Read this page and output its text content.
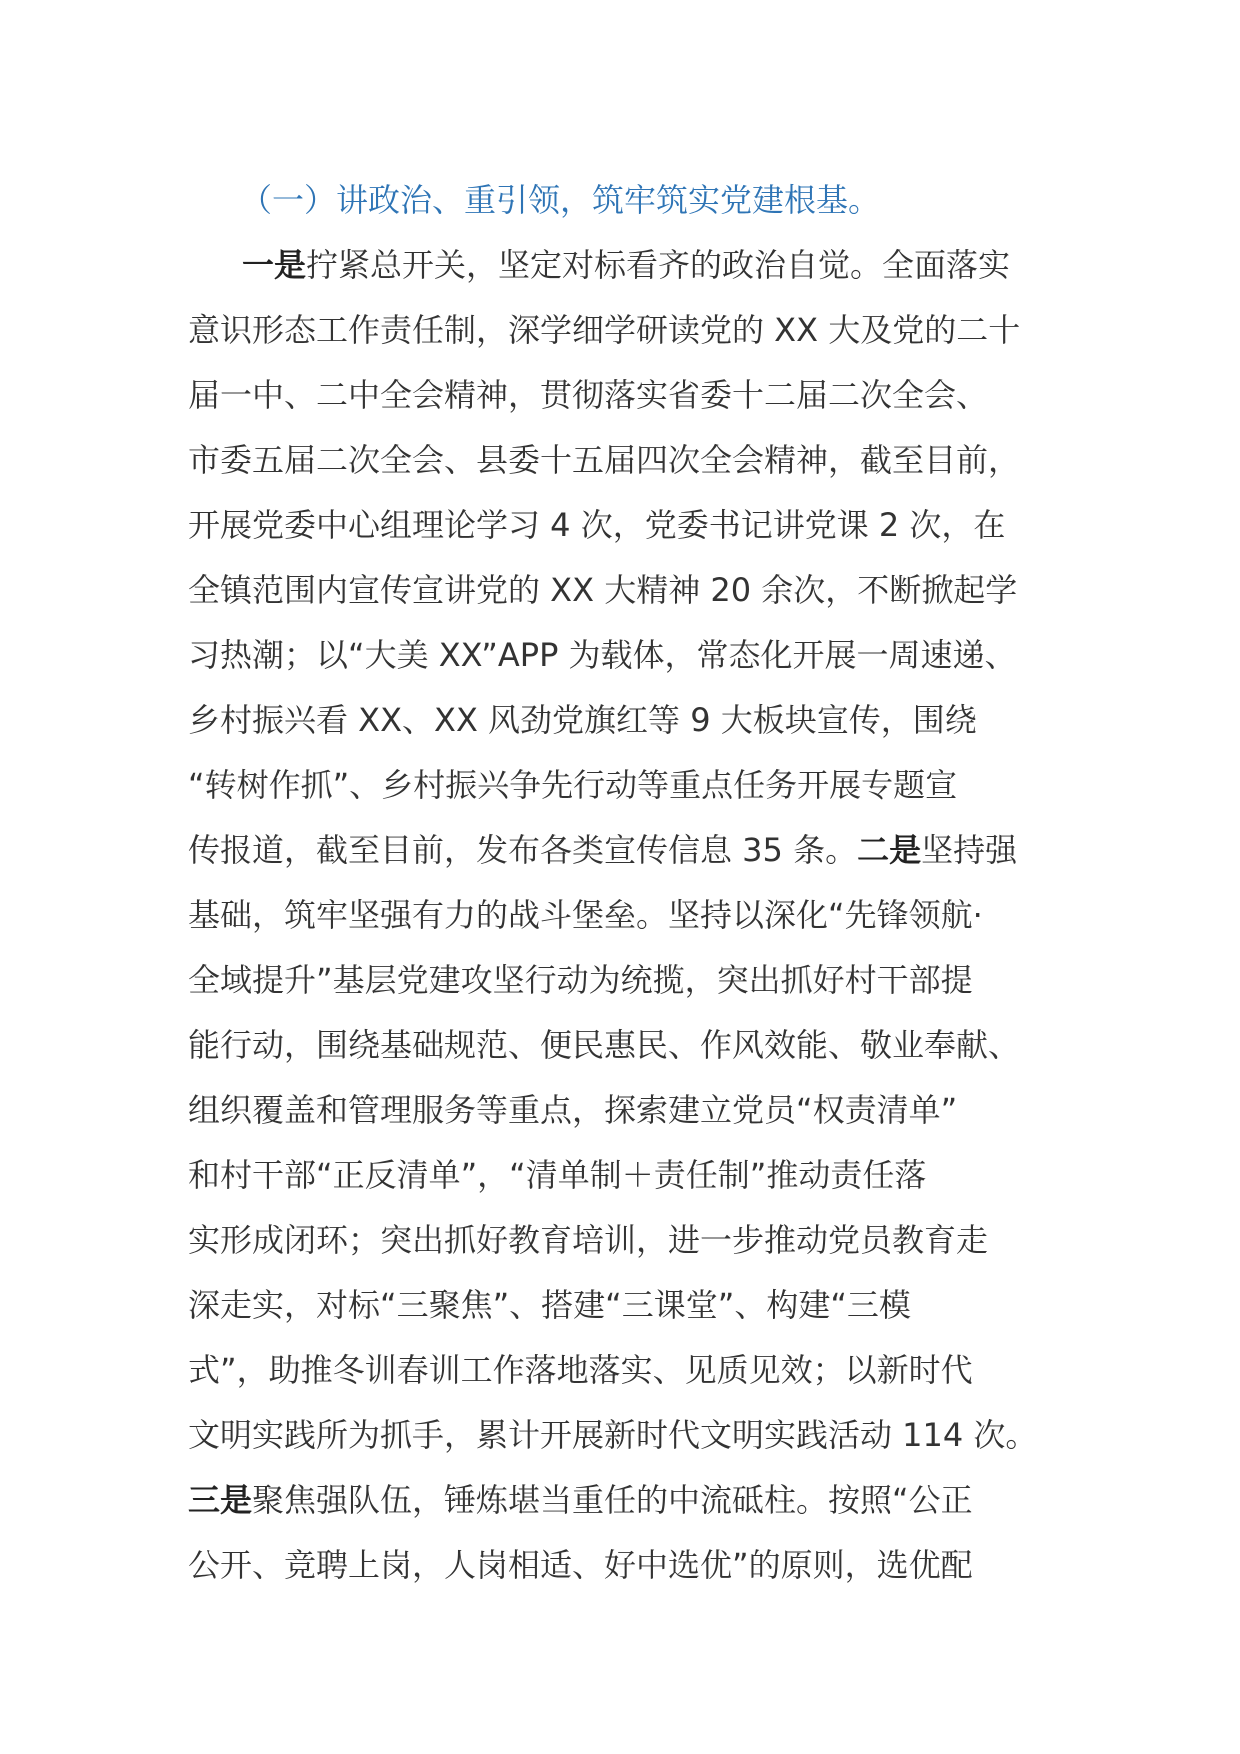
（一）讲政治、重引领，筑牢筑实党建根基。
一是拧紧总开关，坚定对标看齐的政治自觉。全面落实
意识形态工作责任制，深学细学研读党的 XX 大及党的二十
届一中、二中全会精神，贯彻落实省委十二届二次全会、
市委五届二次全会、县委十五届四次全会精神，截至目前，
开展党委中心组理论学习 4 次，党委书记讲党课 2 次，在
全镇范围内宣传宣讲党的 XX 大精神 20 余次，不断掀起学
习热潮；以“大美 XX”APP 为载体，常态化开展一周速递、
乡村振兴看 XX、XX 风劲党旗红等 9 大板块宣传，围绕
“转树作抓”、乡村振兴争先行动等重点任务开展专题宣
传报道，截至目前，发布各类宣传信息 35 条。二是坚持强
基础，筑牢坚强有力的战斗堡垒。坚持以深化“先锋领航·
全域提升”基层党建攻坚行动为统揽，突出抓好村干部提
能行动，围绕基础规范、便民惠民、作风效能、敬业奉献、
组织覆盖和管理服务等重点，探索建立党员“权责清单”
和村干部“正反清单”，“清单制＋责任制”推动责任落
实形成闭环；突出抓好教育培训，进一步推动党员教育走
深走实，对标“三聚焦”、搭建“三课堂”、构建“三模
式”，助推冬训春训工作落地落实、见质见效；以新时代
文明实践所为抓手，累计开展新时代文明实践活动 114 次。
三是聚焦强队伍，锤炼堪当重任的中流砥柱。按照“公正
公开、竞聘上岗，人岗相适、好中选优”的原则，选优配
